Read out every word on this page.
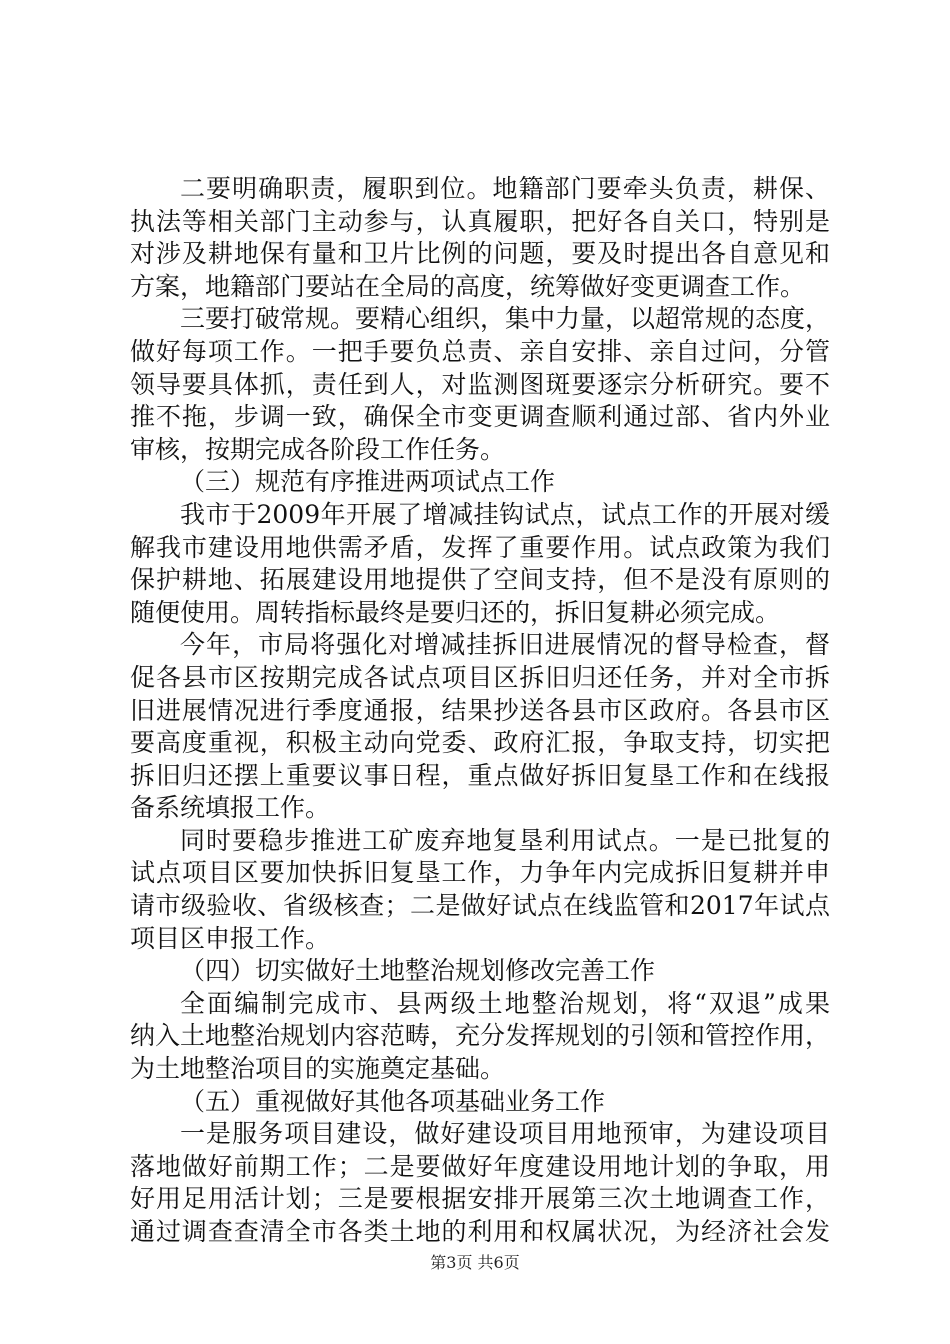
二要明确职责，履职到位。地籍部门要牵头负责，耕保、
执法等相关部门主动参与，认真履职，把好各自关口，特别是
对涉及耕地保有量和卫片比例的问题，要及时提出各自意见和
方案，地籍部门要站在全局的高度，统筹做好变更调查工作。
三要打破常规。要精心组织，集中力量，以超常规的态度，
做好每项工作。一把手要负总责、亲自安排、亲自过问，分管
领导要具体抓，责任到人，对监测图斑要逐宗分析研究。要不
推不拖，步调一致，确保全市变更调查顺利通过部、省内外业
审核，按期完成各阶段工作任务。
（三）规范有序推进两项试点工作
我市于2009年开展了增减挂钩试点，试点工作的开展对缓
解我市建设用地供需矛盾，发挥了重要作用。试点政策为我们
保护耕地、拓展建设用地提供了空间支持，但不是没有原则的
随便使用。周转指标最终是要归还的，拆旧复耕必须完成。
今年，市局将强化对增减挂拆旧进展情况的督导检查，督
促各县市区按期完成各试点项目区拆旧归还任务，并对全市拆
旧进展情况进行季度通报，结果抄送各县市区政府。各县市区
要高度重视，积极主动向党委、政府汇报，争取支持，切实把
拆旧归还摆上重要议事日程，重点做好拆旧复垦工作和在线报
备系统填报工作。
同时要稳步推进工矿废弃地复垦利用试点。一是已批复的
试点项目区要加快拆旧复垦工作，力争年内完成拆旧复耕并申
请市级验收、省级核查；二是做好试点在线监管和2017年试点
项目区申报工作。
（四）切实做好土地整治规划修改完善工作
全面编制完成市、县两级土地整治规划，将“双退”成果
纳入土地整治规划内容范畴，充分发挥规划的引领和管控作用，
为土地整治项目的实施奠定基础。
（五）重视做好其他各项基础业务工作
一是服务项目建设，做好建设项目用地预审，为建设项目
落地做好前期工作；二是要做好年度建设用地计划的争取，用
好用足用活计划；三是要根据安排开展第三次土地调查工作，
通过调查查清全市各类土地的利用和权属状况，为经济社会发
第3页 共6页
